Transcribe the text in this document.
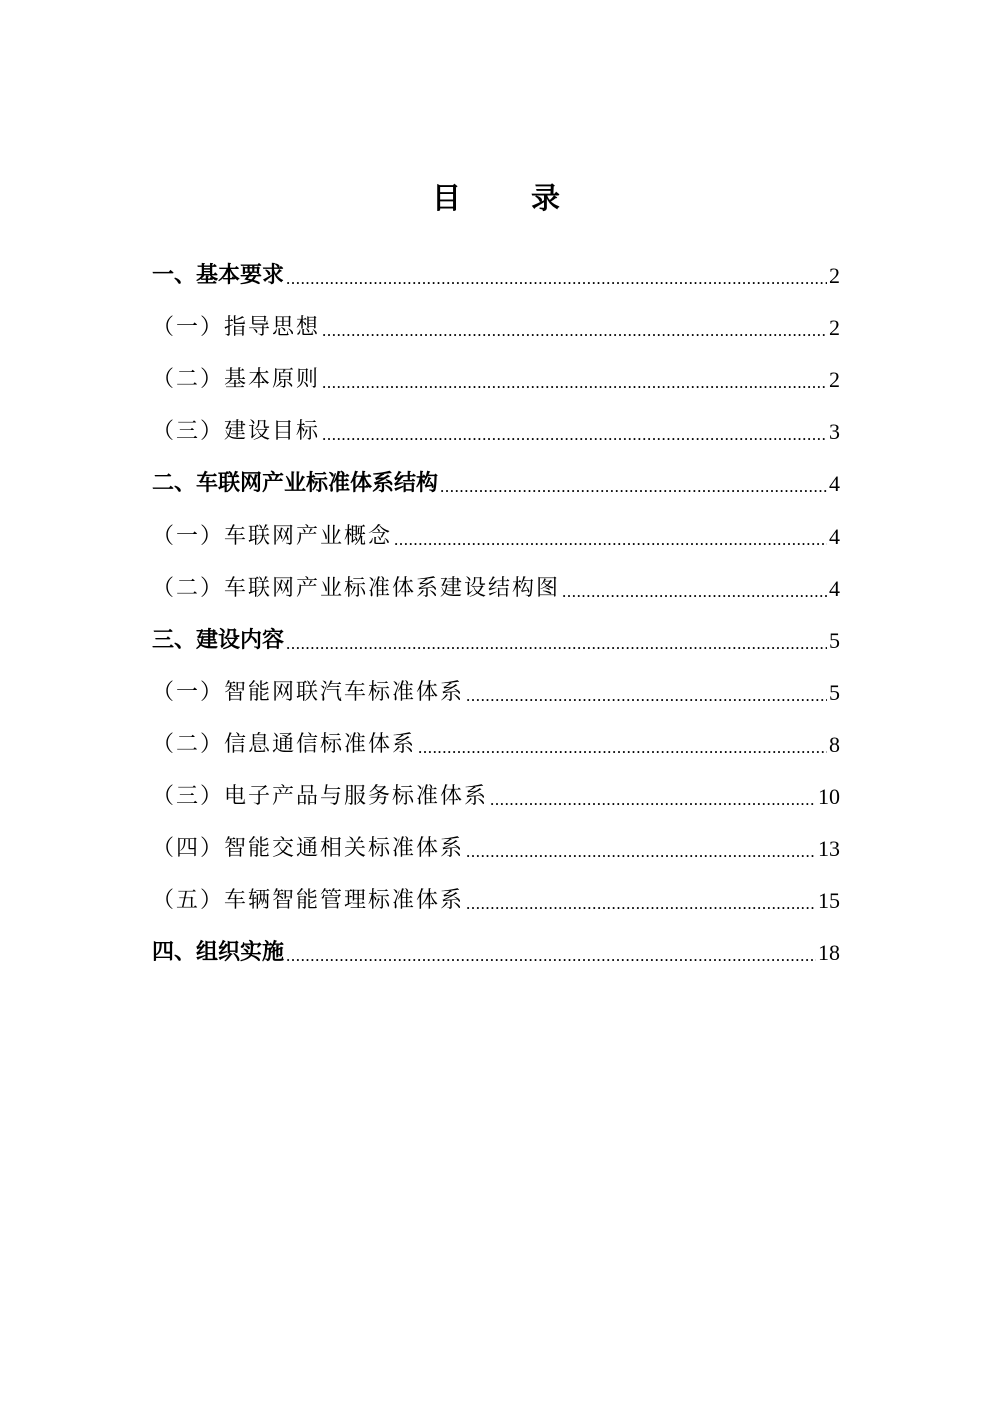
目 录
一、基本要求 .....	2
（一）指导思想 .....	2
（二）基本原则 .....	2
（三）建设目标 .....	3
二、车联网产业标准体系结构 .....	4
（一）车联网产业概念 .....	4
（二）车联网产业标准体系建设结构图 .....	4
三、建设内容 .....	5
（一）智能网联汽车标准体系 .....	5
（二）信息通信标准体系 .....	8
（三）电子产品与服务标准体系 .....	10
（四）智能交通相关标准体系 .....	13
（五）车辆智能管理标准体系 .....	15
四、组织实施 .....	18
